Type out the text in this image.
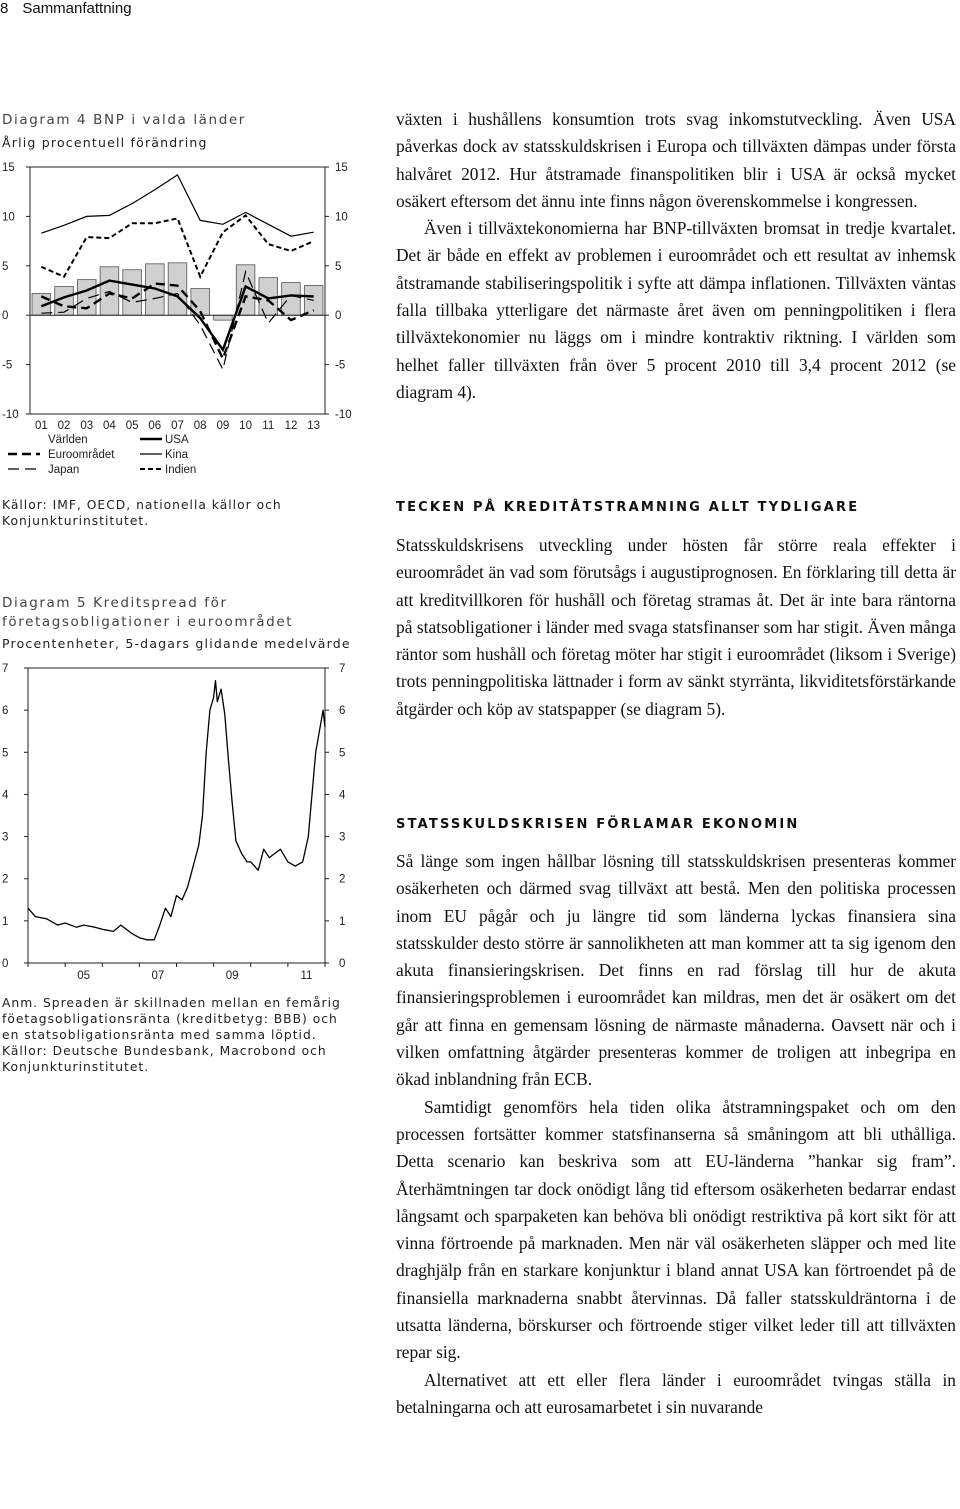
8 Sammanfattning
Diagram 4 BNP i valda länder
Årlig procentuell förändring
-10	-10
-5	-5
0	0
5	5
10	10
15	15
01 02 03 04 05 06 07 08 09 10 11 12 13
Världen
Euroområdet
Japan
USA
Kina
Indien

Källor: IMF, OECD, nationella källor och Konjunkturinstitutet.

Diagram 5 Kreditspread för
företagsobligationer i euroområdet
Procentenheter, 5-dagars glidande medelvärde
0	0
1	1
2	2
3	3
4	4
5	5
6	6
7	7
05	07	09	11

Anm. Spreaden är skillnaden mellan en femårig föetagsobligationsränta (kreditbetyg: BBB) och en statsobligationsränta med samma löptid.

Källor: Deutsche Bundesbank, Macrobond och Konjunkturinstitutet.

växten i hushållens konsumtion trots svag inkomstutveckling. Även USA påverkas dock av statsskuldskrisen i Europa och tillväxten dämpas under första halvåret 2012. Hur åtstramade finanspolitiken blir i USA är också mycket osäkert eftersom det ännu inte finns någon överenskommelse i kongressen.

Även i tillväxtekonomierna har BNP-tillväxten bromsat in tredje kvartalet. Det är både en effekt av problemen i euroområdet och ett resultat av inhemsk åtstramande stabiliseringspolitik i syfte att dämpa inflationen. Tillväxten väntas falla tillbaka ytterligare det närmaste året även om penningpolitiken i flera tillväxtekonomier nu läggs om i mindre kontraktiv riktning. I världen som helhet faller tillväxten från över 5 procent 2010 till 3,4 procent 2012 (se diagram 4).

TECKEN PÅ KREDITÅTSTRAMNING ALLT TYDLIGARE

Statsskuldskrisens utveckling under hösten får större reala effekter i euroområdet än vad som förutsågs i augustiprognosen. En förklaring till detta är att kreditvillkoren för hushåll och företag stramas åt. Det är inte bara räntorna på statsobligationer i länder med svaga statsfinanser som har stigit. Även många räntor som hushåll och företag möter har stigit i euroområdet (liksom i Sverige) trots penningpolitiska lättnader i form av sänkt styrränta, likviditetsförstärkande åtgärder och köp av statspapper (se diagram 5).

STATSSKULDSKRISEN FÖRLAMAR EKONOMIN

Så länge som ingen hållbar lösning till statsskuldskrisen presenteras kommer osäkerheten och därmed svag tillväxt att bestå. Men den politiska processen inom EU pågår och ju längre tid som länderna lyckas finansiera sina statsskulder desto större är sannolikheten att man kommer att ta sig igenom den akuta finansieringskrisen. Det finns en rad förslag till hur de akuta finansieringsproblemen i euroområdet kan mildras, men det är osäkert om det går att finna en gemensam lösning de närmaste månaderna. Oavsett när och i vilken omfattning åtgärder presenteras kommer de troligen att inbegripa en ökad inblandning från ECB.

Samtidigt genomförs hela tiden olika åtstramningspaket och om den processen fortsätter kommer statsfinanserna så småningom att bli uthålliga. Detta scenario kan beskriva som att EU-länderna ”hankar sig fram”. Återhämtningen tar dock onödigt lång tid eftersom osäkerheten bedarrar endast långsamt och sparpaketen kan behöva bli onödigt restriktiva på kort sikt för att vinna förtroende på marknaden. Men när väl osäkerheten släpper och med lite draghjälp från en starkare konjunktur i bland annat USA kan förtroendet på de finansiella marknaderna snabbt återvinnas. Då faller statsskuldräntorna i de utsatta länderna, börskurser och förtroende stiger vilket leder till att tillväxten repar sig.

Alternativet att ett eller flera länder i euroområdet tvingas ställa in betalningarna och att eurosamarbetet i sin nuvarande
